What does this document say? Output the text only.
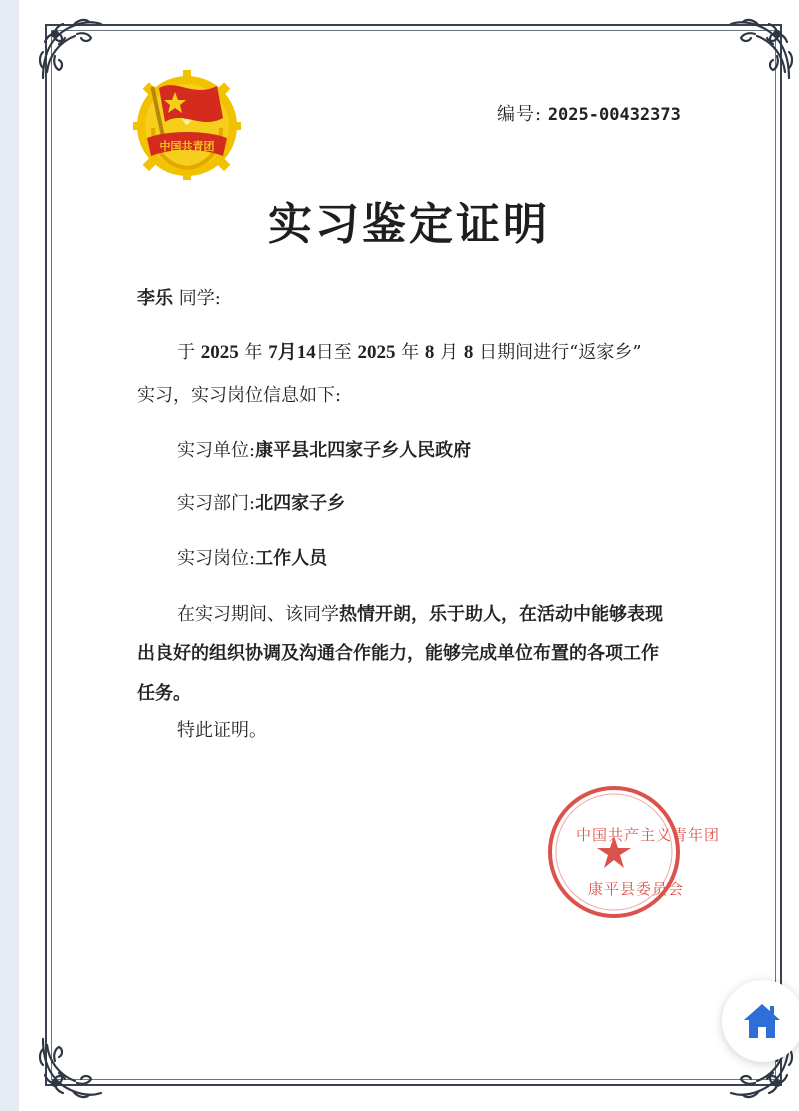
中国共青团
编号: 2025-00432373
实习鉴定证明
李乐 同学:
于 2025 年 7月14日至 2025 年 8 月 8 日期间进行“返家乡”
实习，实习岗位信息如下:
实习单位:康平县北四家子乡人民政府
实习部门:北四家子乡
实习岗位:工作人员
在实习期间、该同学热情开朗，乐于助人，在活动中能够表现
出良好的组织协调及沟通合作能力，能够完成单位布置的各项工作
任务。
特此证明。
中国共产主义青年团
康平县委员会
